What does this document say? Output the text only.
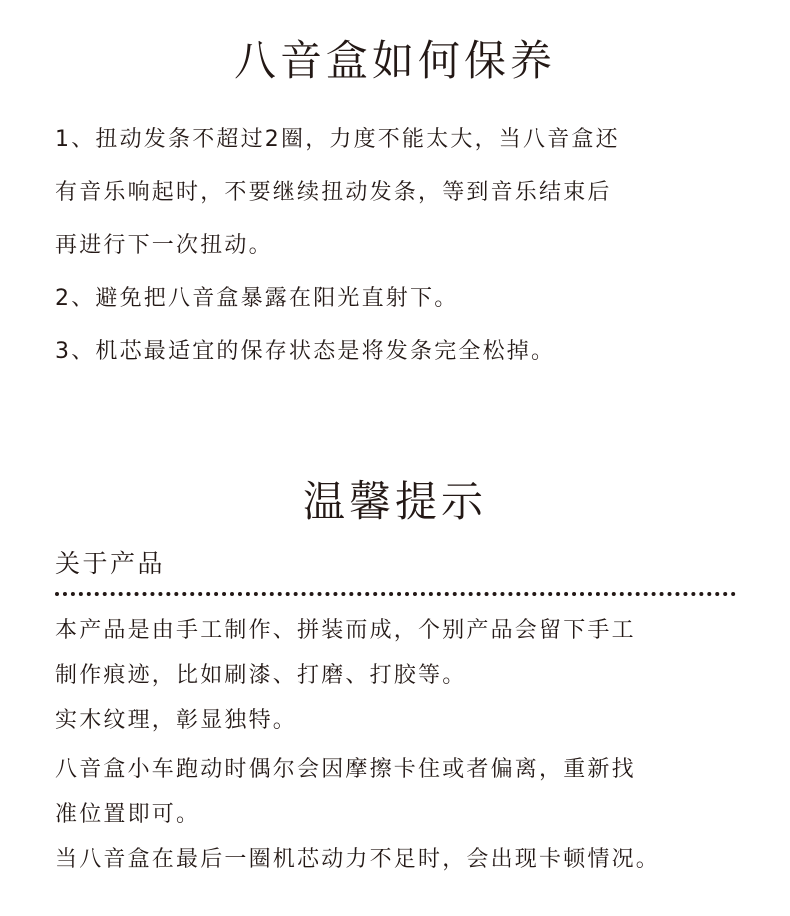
八音盒如何保养

1、扭动发条不超过2圈，力度不能太大，当八音盒还

有音乐响起时，不要继续扭动发条，等到音乐结束后

再进行下一次扭动。

2、避免把八音盒暴露在阳光直射下。

3、机芯最适宜的保存状态是将发条完全松掉。

温馨提示

关于产品

本产品是由手工制作、拼装而成，个别产品会留下手工

制作痕迹，比如刷漆、打磨、打胶等。

实木纹理，彰显独特。

八音盒小车跑动时偶尔会因摩擦卡住或者偏离，重新找

准位置即可。

当八音盒在最后一圈机芯动力不足时，会出现卡顿情况。
